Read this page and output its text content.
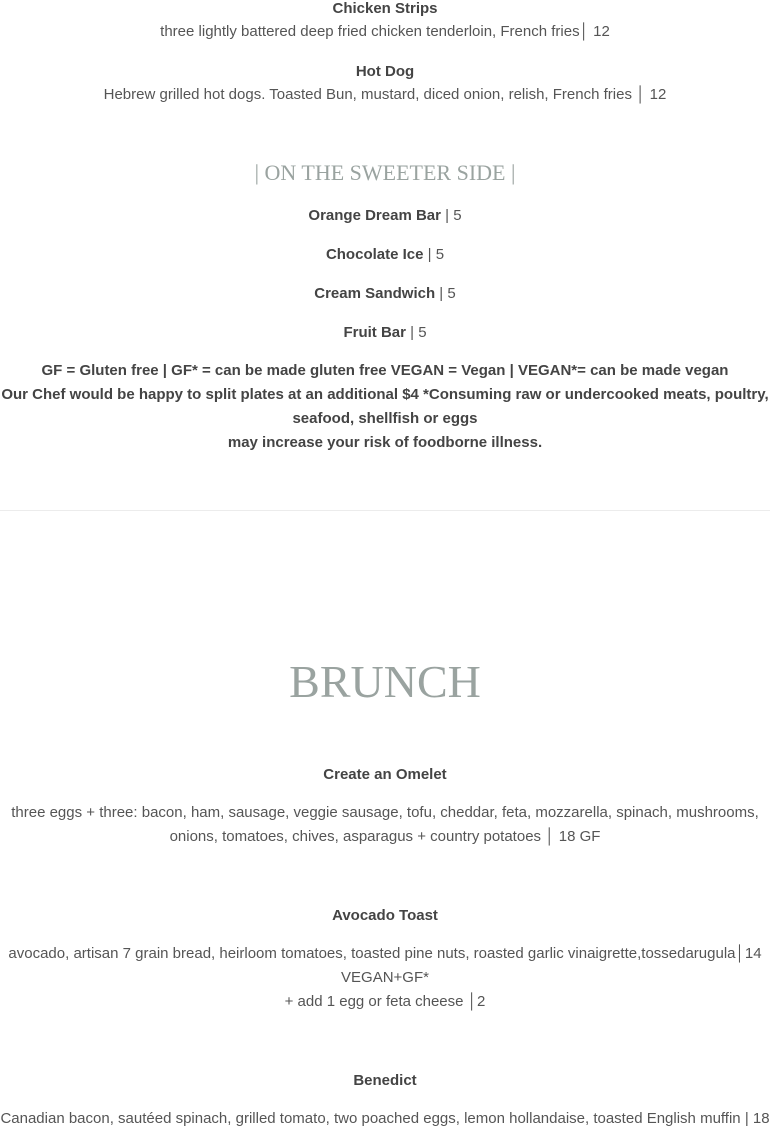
Chicken Strips
three lightly battered deep fried chicken tenderloin, French fries│ 12
Hot Dog
Hebrew grilled hot dogs. Toasted Bun, mustard, diced onion, relish, French fries │ 12
| ON THE SWEETER SIDE |
Orange Dream Bar | 5
Chocolate Ice | 5
Cream Sandwich | 5
Fruit Bar | 5
GF = Gluten free | GF* = can be made gluten free VEGAN = Vegan | VEGAN*= can be made vegan
Our Chef would be happy to split plates at an additional $4 *Consuming raw or undercooked meats, poultry, seafood, shellfish or eggs
may increase your risk of foodborne illness.
BRUNCH
Create an Omelet
three eggs + three: bacon, ham, sausage, veggie sausage, tofu, cheddar, feta, mozzarella, spinach, mushrooms, onions, tomatoes, chives, asparagus + country potatoes │ 18 GF
Avocado Toast
avocado, artisan 7 grain bread, heirloom tomatoes, toasted pine nuts, roasted garlic vinaigrette,tossedarugula│14 VEGAN+GF*
+ add 1 egg or feta cheese │2
Benedict
Canadian bacon, sautéed spinach, grilled tomato, two poached eggs, lemon hollandaise, toasted English muffin | 18
